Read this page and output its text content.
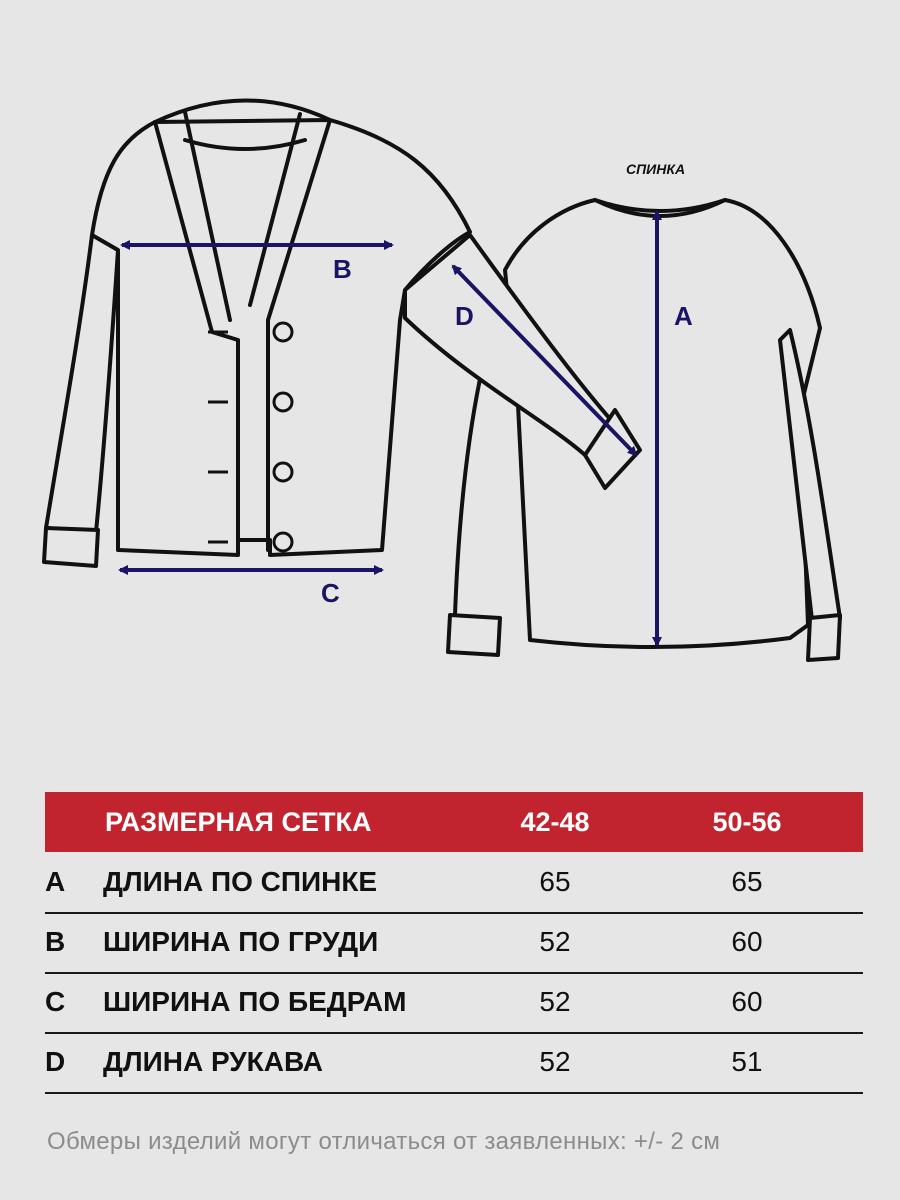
B
C
D	A
СПИНКА
РАЗМЕРНАЯ СЕТКА	42-48	50-56
A ДЛИНА ПО СПИНКЕ	65	65
B ШИРИНА ПО ГРУДИ	52	60
C ШИРИНА ПО БЕДРАМ	52	60
D ДЛИНА РУКАВА	52	51
Обмеры изделий могут отличаться от заявленных: +/- 2 см
